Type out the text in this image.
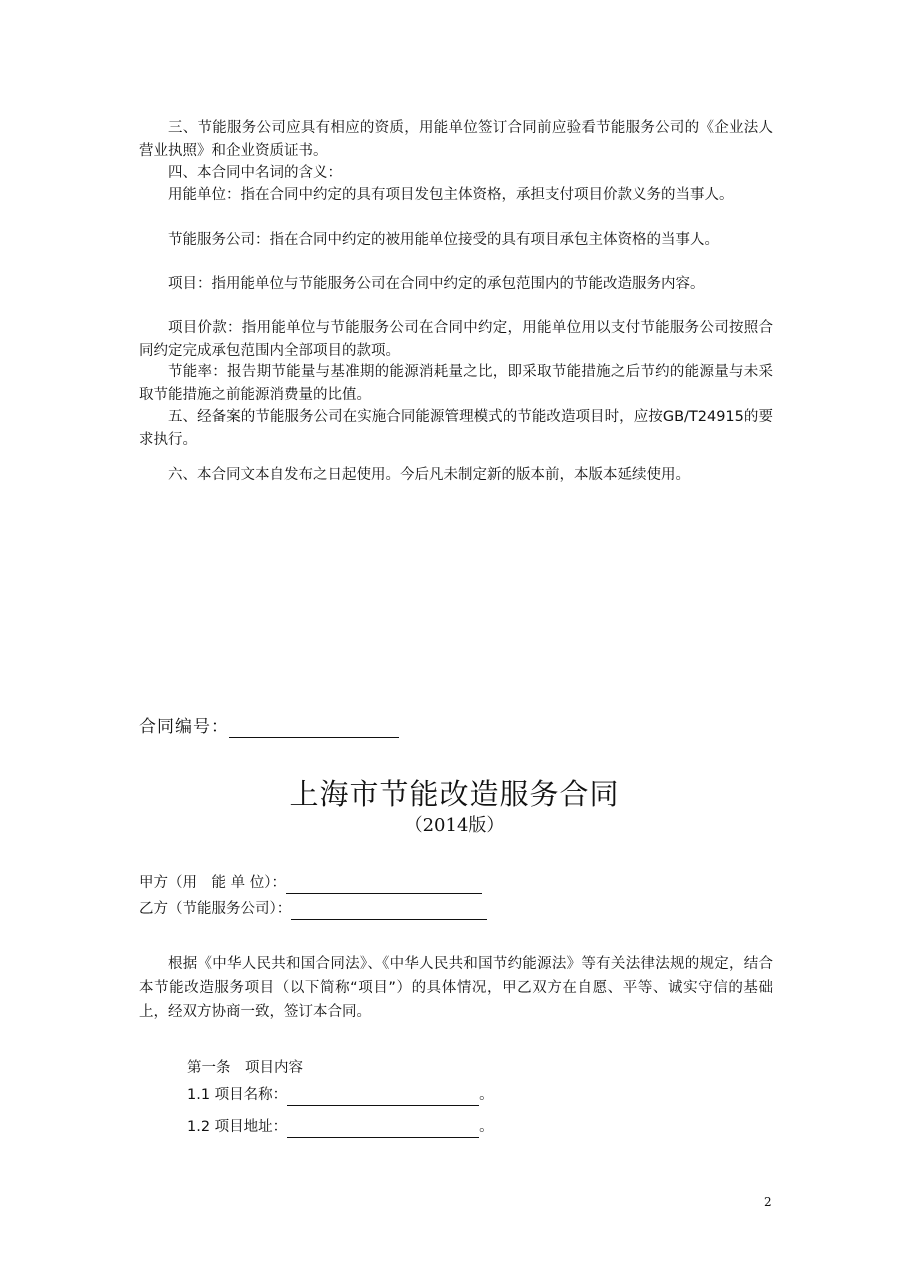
三、节能服务公司应具有相应的资质，用能单位签订合同前应验看节能服务公司的《企业法人营业执照》和企业资质证书。

四、本合同中名词的含义：

用能单位：指在合同中约定的具有项目发包主体资格，承担支付项目价款义务的当事人。

节能服务公司：指在合同中约定的被用能单位接受的具有项目承包主体资格的当事人。

项目：指用能单位与节能服务公司在合同中约定的承包范围内的节能改造服务内容。

项目价款：指用能单位与节能服务公司在合同中约定，用能单位用以支付节能服务公司按照合同约定完成承包范围内全部项目的款项。

节能率：报告期节能量与基准期的能源消耗量之比，即采取节能措施之后节约的能源量与未采取节能措施之前能源消费量的比值。

五、经备案的节能服务公司在实施合同能源管理模式的节能改造项目时，应按GB/T24915的要求执行。

六、本合同文本自发布之日起使用。今后凡未制定新的版本前，本版本延续使用。

合同编号：
上海市节能改造服务合同
（2014版）
甲方（用　能 单 位）：
乙方（节能服务公司）：

根据《中华人民共和国合同法》、《中华人民共和国节约能源法》等有关法律法规的规定，结合本节能改造服务项目（以下简称“项目”）的具体情况，甲乙双方在自愿、平等、诚实守信的基础上，经双方协商一致，签订本合同。

第一条　项目内容
1.1 项目名称：	。
1.2 项目地址：	。
2
